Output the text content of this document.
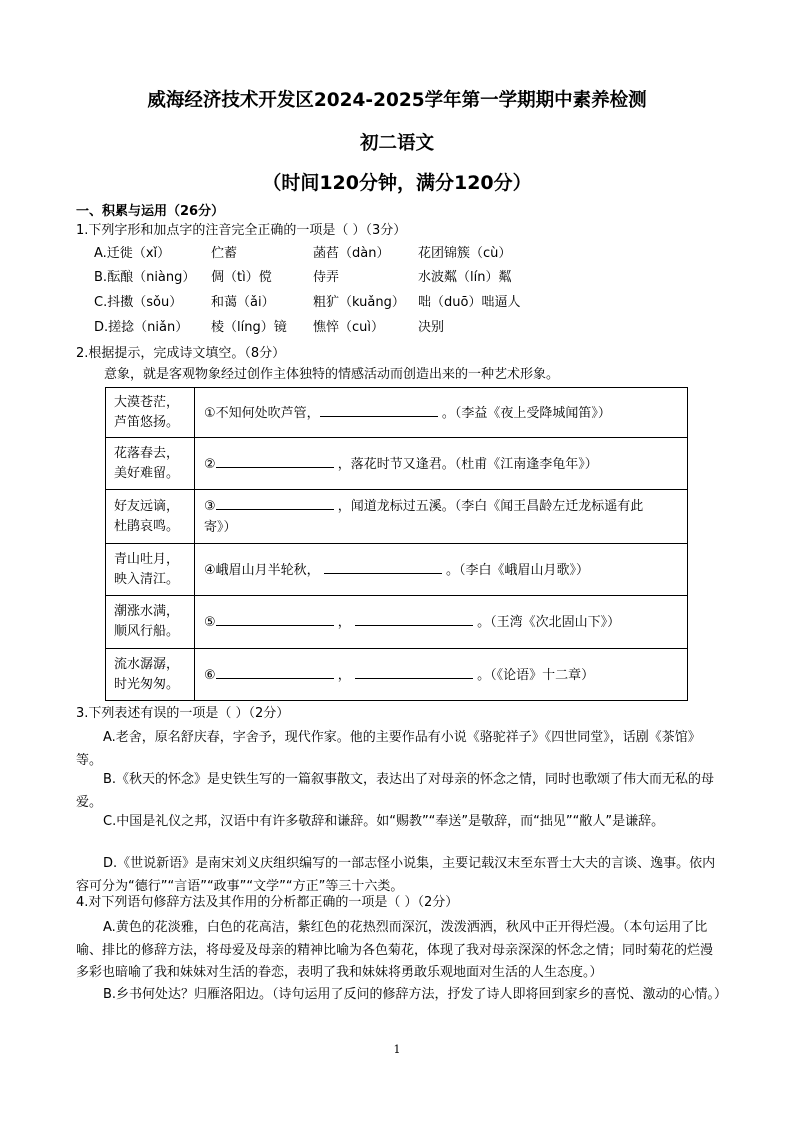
威海经济技术开发区2024-2025学年第一学期期中素养检测
初二语文
（时间120分钟，满分120分）
一、积累与运用（26分）
1.下列字形和加点字的注音完全正确的一项是（ ）（3分）
A.迁徙（xǐ）	伫蓄	菡萏（dàn） 花团锦簇（cù）
B.酝酿（niàng） 倜（tì）傥	侍弄	水波粼（lín）粼
C.抖擞（sǒu） 和蔼（ǎi）	粗犷（kuǎng） 咄（duō）咄逼人
D.搓捻（niǎn） 棱（líng）镜 憔悴（cuì）	决别
2.根据提示，完成诗文填空。（8分）
意象，就是客观物象经过创作主体独特的情感活动而创造出来的一种艺术形象。
大漠苍茫，
芦笛悠扬。	①不知何处吹芦管， 。（李益《夜上受降城闻笛》）
花落春去，
美好难留。	② ，落花时节又逢君。（杜甫《江南逢李龟年》）
好友远谪，
杜鹃哀鸣。	③ ，闻道龙标过五溪。（李白《闻王昌龄左迁龙标遥有此
寄》）
青山吐月，
映入清江。	④峨眉山月半轮秋， 。（李白《峨眉山月歌》）
潮涨水满，
顺风行船。	⑤ ， 。（王湾《次北固山下》）
流水潺潺，
时光匆匆。	⑥ ， 。（《论语》十二章）
3.下列表述有误的一项是（ ）（2分）
A.老舍，原名舒庆春，字舍予，现代作家。他的主要作品有小说《骆驼祥子》《四世同堂》，话剧《茶馆》等。
B.《秋天的怀念》是史铁生写的一篇叙事散文，表达出了对母亲的怀念之情，同时也歌颂了伟大而无私的母爱。
C.中国是礼仪之邦，汉语中有许多敬辞和谦辞。如“赐教”“奉送”是敬辞，而“拙见”“敝人”是谦辞。
D.《世说新语》是南宋刘义庆组织编写的一部志怪小说集，主要记载汉末至东晋士大夫的言谈、逸事。依内容可分为“德行”“言语”“政事”“文学”“方正”等三十六类。
4.对下列语句修辞方法及其作用的分析都正确的一项是（ ）（2分）
A.黄色的花淡雅，白色的花高洁，紫红色的花热烈而深沉，泼泼洒洒，秋风中正开得烂漫。（本句运用了比喻、排比的修辞方法，将母爱及母亲的精神比喻为各色菊花，体现了我对母亲深深的怀念之情；同时菊花的烂漫多彩也暗喻了我和妹妹对生活的眷恋，表明了我和妹妹将勇敢乐观地面对生活的人生态度。）
B.乡书何处达？归雁洛阳边。（诗句运用了反问的修辞方法，抒发了诗人即将回到家乡的喜悦、激动的心情。）
1
